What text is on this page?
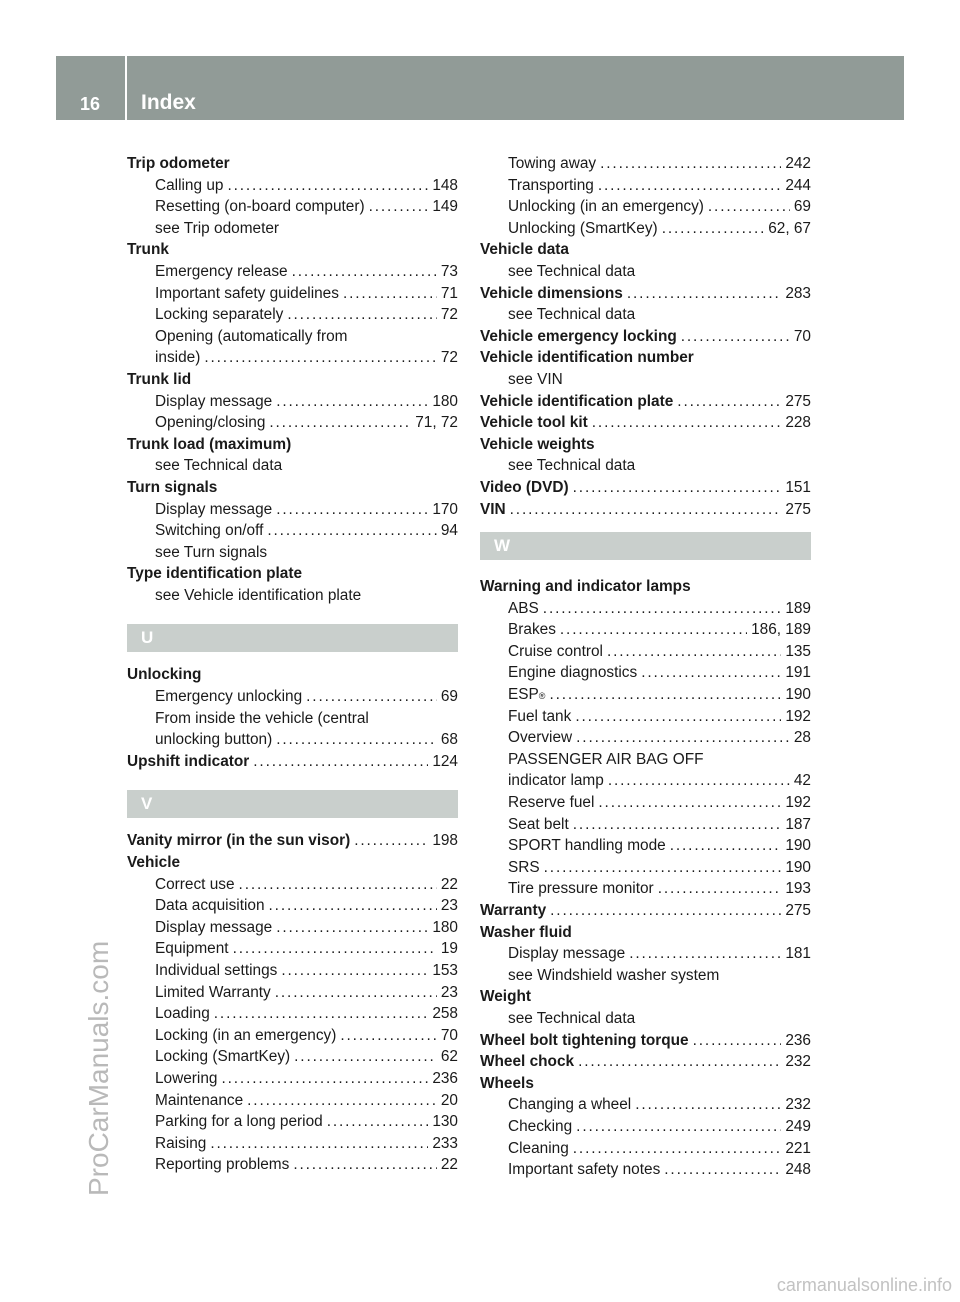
16	Index
ProCarManuals.com
Trip odometer
Calling up . . .	148
Resetting (on-board computer) . . .	149
see Trip odometer
Trunk
Emergency release . . .	73
Important safety guidelines . . .	71
Locking separately . . .	72
Opening (automatically from
inside) . . .	72
Trunk lid
Display message . . .	180
Opening/closing . . .	71, 72
Trunk load (maximum)
see Technical data
Turn signals
Display message . . .	170
Switching on/off . . .	94
see Turn signals
Type identification plate
see Vehicle identification plate
U
Unlocking
Emergency unlocking . . .	69
From inside the vehicle (central
unlocking button) . . .	68
Upshift indicator . . .	124
V
Vanity mirror (in the sun visor) . . .	198
Vehicle
Correct use . . .	22
Data acquisition . . .	23
Display message . . .	180
Equipment . . .	19
Individual settings . . .	153
Limited Warranty . . .	23
Loading . . .	258
Locking (in an emergency) . . .	70
Locking (SmartKey) . . .	62
Lowering . . .	236
Maintenance . . .	20
Parking for a long period . . .	130
Raising . . .	233
Reporting problems . . .	22
Towing away . . .	242
Transporting . . .	244
Unlocking (in an emergency) . . .	69
Unlocking (SmartKey) . . .	62, 67
Vehicle data
see Technical data
Vehicle dimensions . . .	283
see Technical data
Vehicle emergency locking . . .	70
Vehicle identification number
see VIN
Vehicle identification plate . . .	275
Vehicle tool kit . . .	228
Vehicle weights
see Technical data
Video (DVD) . . .	151
VIN . . .	275
W
Warning and indicator lamps
ABS . . .	189
Brakes . . .	186, 189
Cruise control . . .	135
Engine diagnostics . . .	191
ESP ® . . .	190
Fuel tank . . .	192
Overview . . .	28
PASSENGER AIR BAG OFF
indicator lamp . . .	42
Reserve fuel . . .	192
Seat belt . . .	187
SPORT handling mode . . .	190
SRS . . .	190
Tire pressure monitor . . .	193
Warranty . . .	275
Washer fluid
Display message . . .	181
see Windshield washer system
Weight
see Technical data
Wheel bolt tightening torque . . .	236
Wheel chock . . .	232
Wheels
Changing a wheel . . .	232
Checking . . .	249
Cleaning . . .	221
Important safety notes . . .	248
carmanualsonline.info
